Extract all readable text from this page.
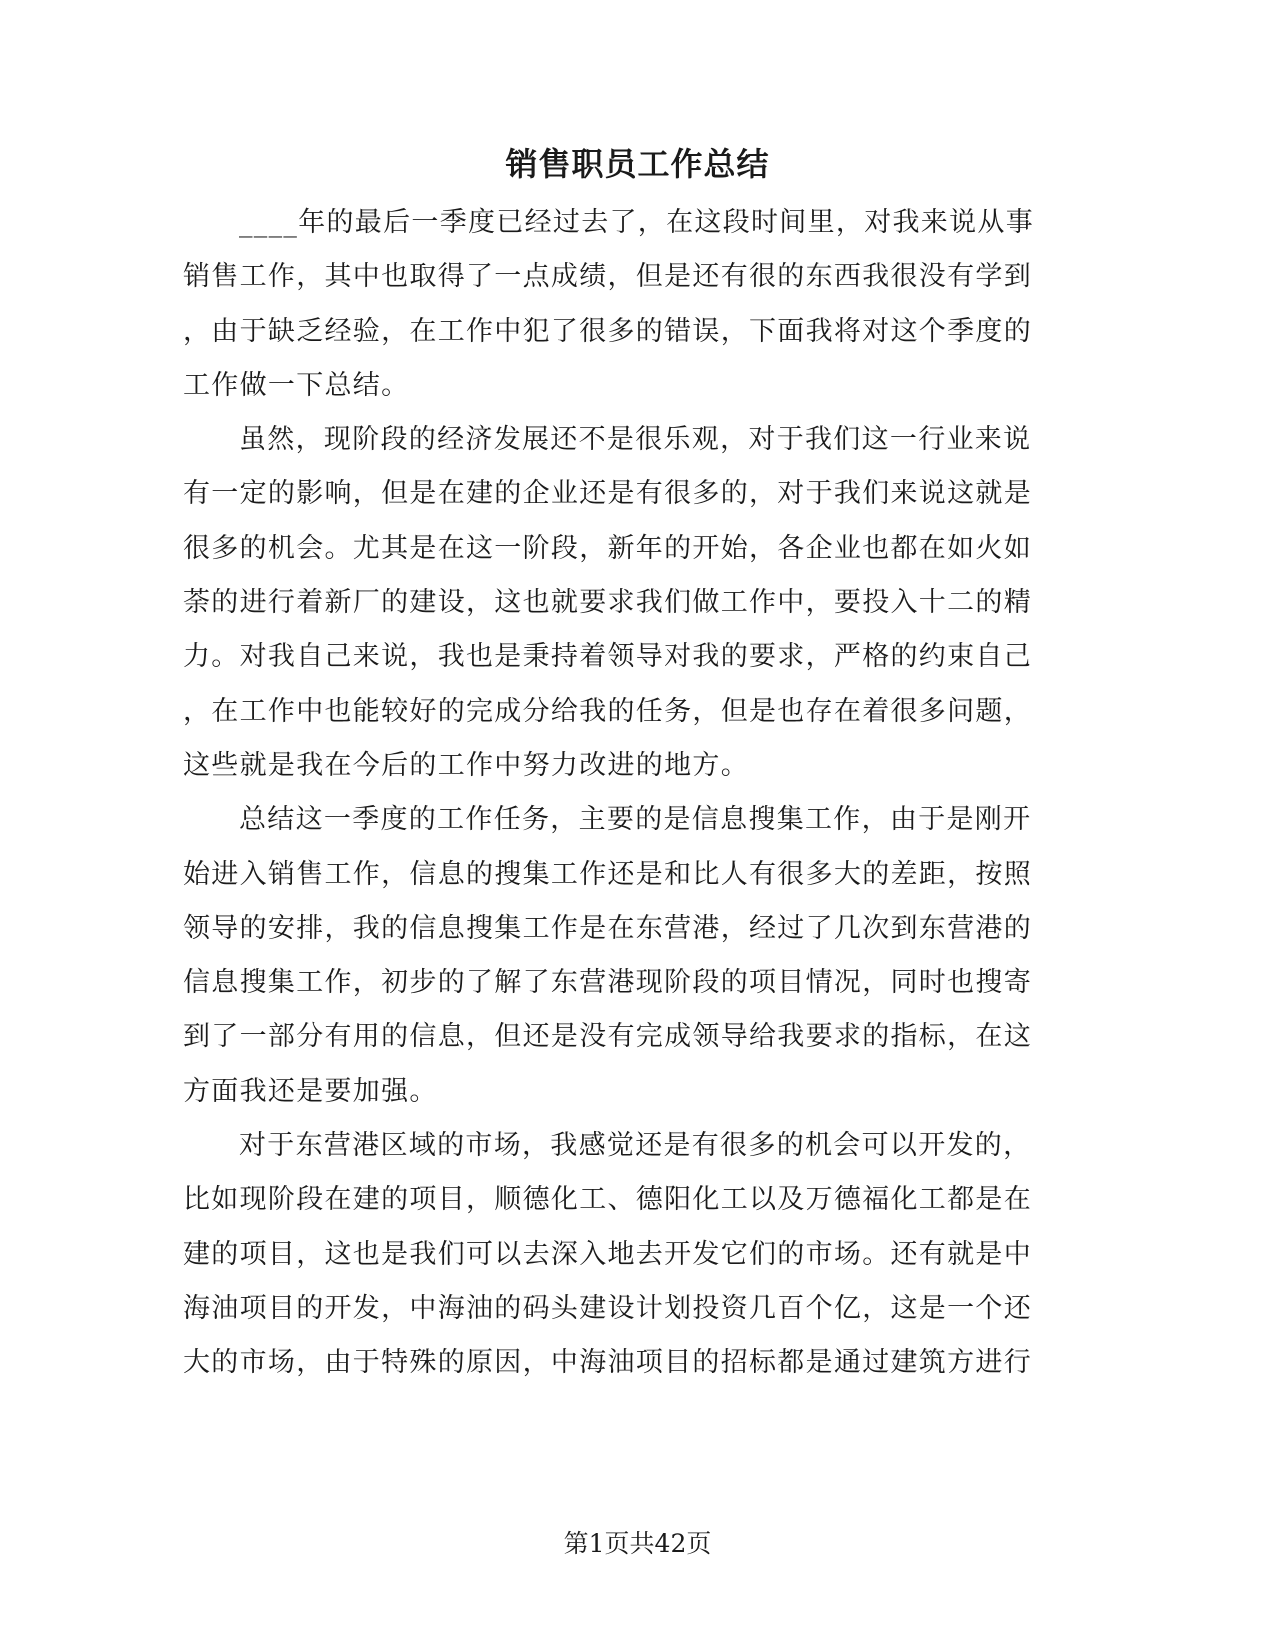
销售职员工作总结
____年的最后一季度已经过去了，在这段时间里，对我来说从事
销售工作，其中也取得了一点成绩，但是还有很的东西我很没有学到
，由于缺乏经验，在工作中犯了很多的错误，下面我将对这个季度的
工作做一下总结。
虽然，现阶段的经济发展还不是很乐观，对于我们这一行业来说
有一定的影响，但是在建的企业还是有很多的，对于我们来说这就是
很多的机会。尤其是在这一阶段，新年的开始，各企业也都在如火如
荼的进行着新厂的建设，这也就要求我们做工作中，要投入十二的精
力。对我自己来说，我也是秉持着领导对我的要求，严格的约束自己
，在工作中也能较好的完成分给我的任务，但是也存在着很多问题，
这些就是我在今后的工作中努力改进的地方。
总结这一季度的工作任务，主要的是信息搜集工作，由于是刚开
始进入销售工作，信息的搜集工作还是和比人有很多大的差距，按照
领导的安排，我的信息搜集工作是在东营港，经过了几次到东营港的
信息搜集工作，初步的了解了东营港现阶段的项目情况，同时也搜寄
到了一部分有用的信息，但还是没有完成领导给我要求的指标，在这
方面我还是要加强。
对于东营港区域的市场，我感觉还是有很多的机会可以开发的，
比如现阶段在建的项目，顺德化工、德阳化工以及万德福化工都是在
建的项目，这也是我们可以去深入地去开发它们的市场。还有就是中
海油项目的开发，中海油的码头建设计划投资几百个亿，这是一个还
大的市场，由于特殊的原因，中海油项目的招标都是通过建筑方进行
第1页共42页
